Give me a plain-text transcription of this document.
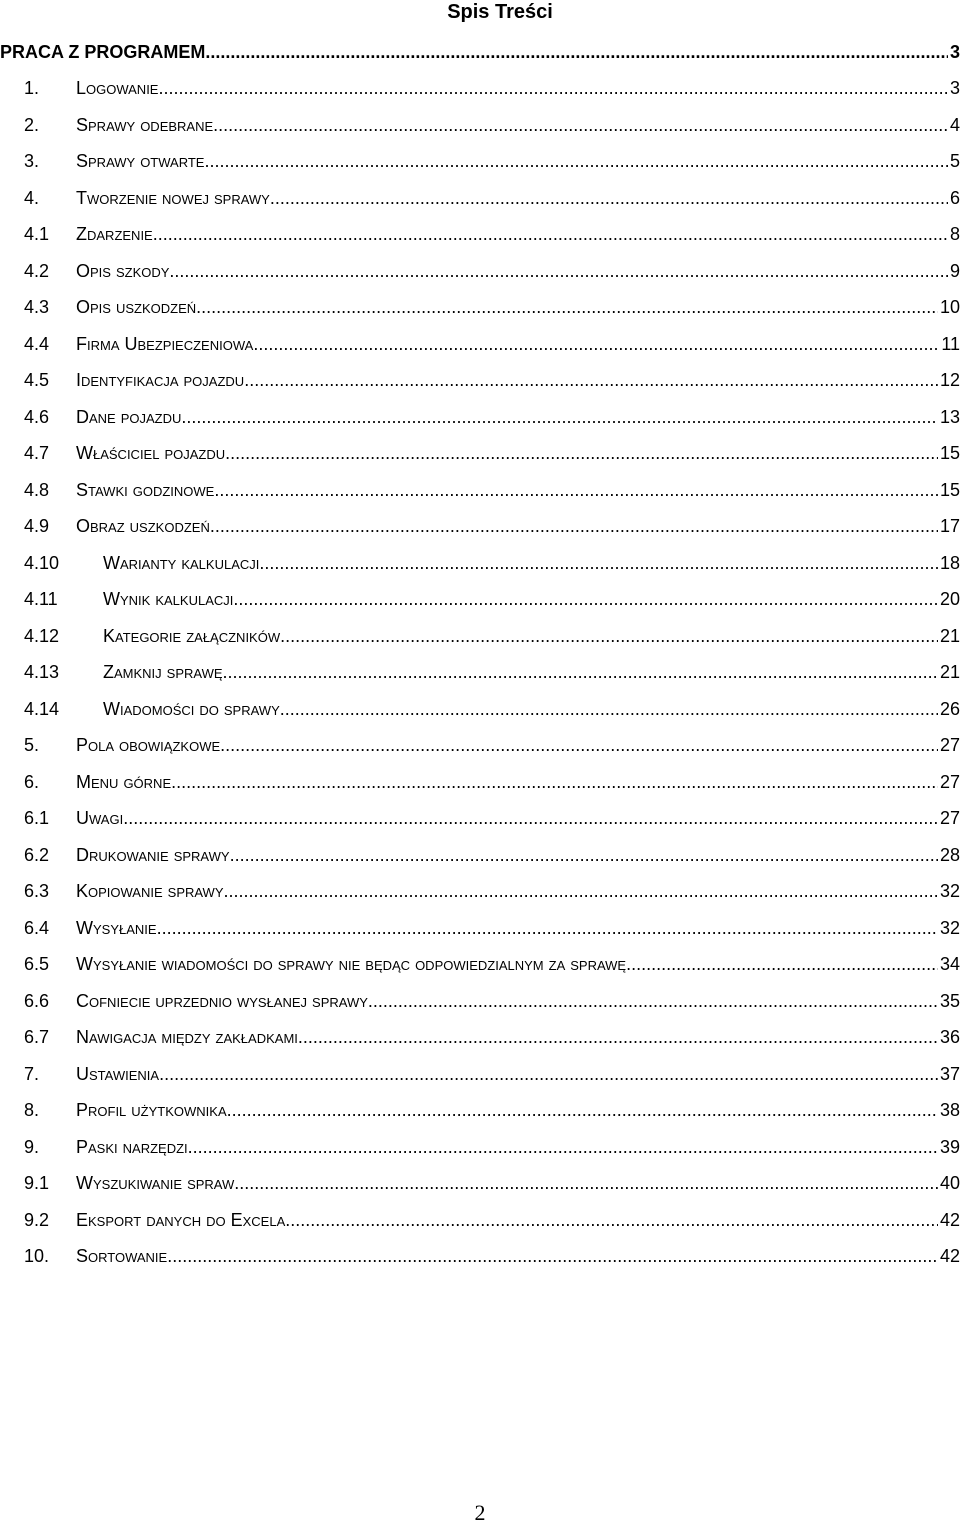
Spis Treści
PRACA Z PROGRAMEM .....	3
1.	Logowanie .....	3
2.	Sprawy odebrane .....	4
3.	Sprawy otwarte .....	5
4.	Tworzenie nowej sprawy .....	6
4.1	Zdarzenie .....	8
4.2	Opis szkody .....	9
4.3	Opis uszkodzeń .....	10
4.4	Firma Ubezpieczeniowa .....	11
4.5	Identyfikacja pojazdu .....	12
4.6	Dane pojazdu .....	13
4.7	Właściciel pojazdu .....	15
4.8	Stawki godzinowe .....	15
4.9	Obraz uszkodzeń .....	17
4.10	Warianty kalkulacji .....	18
4.11	Wynik kalkulacji .....	20
4.12	Kategorie załączników .....	21
4.13	Zamknij sprawę .....	21
4.14	Wiadomości do sprawy .....	26
5.	Pola obowiązkowe .....	27
6.	Menu górne .....	27
6.1	Uwagi .....	27
6.2	Drukowanie sprawy .....	28
6.3	Kopiowanie sprawy .....	32
6.4	Wysyłanie .....	32
6.5	Wysyłanie wiadomości do sprawy nie będąc odpowiedzialnym za sprawę .....	34
6.6	Cofniecie uprzednio wysłanej sprawy .....	35
6.7	Nawigacja między zakładkami .....	36
7.	Ustawienia .....	37
8.	Profil użytkownika .....	38
9.	Paski narzędzi .....	39
9.1	Wyszukiwanie spraw .....	40
9.2	Eksport danych do Excela .....	42
10.	Sortowanie .....	42
2
